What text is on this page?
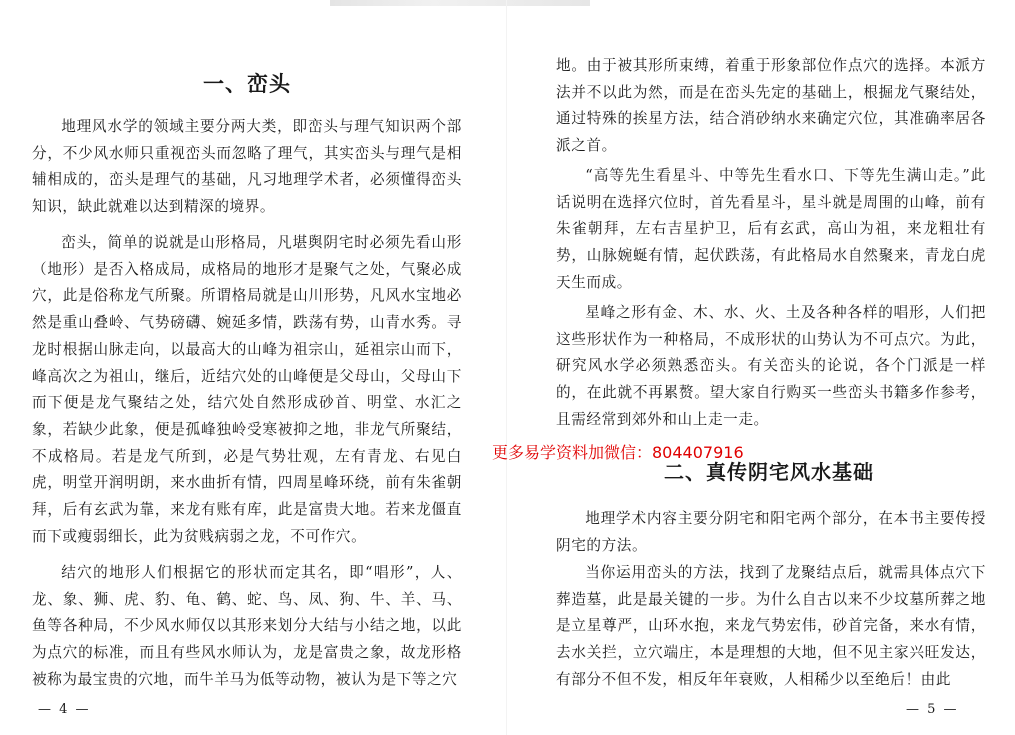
一、峦头

地理风水学的领域主要分两大类，即峦头与理气知识两个部分，不少风水师只重视峦头而忽略了理气，其实峦头与理气是相辅相成的，峦头是理气的基础，凡习地理学术者，必须懂得峦头知识，缺此就难以达到精深的境界。

峦头，简单的说就是山形格局，凡堪舆阴宅时必须先看山形（地形）是否入格成局，成格局的地形才是聚气之处，气聚必成穴，此是俗称龙气所聚。所谓格局就是山川形势，凡风水宝地必然是重山叠岭、气势磅礴、婉延多情，跌荡有势，山青水秀。寻龙时根据山脉走向，以最高大的山峰为祖宗山，延祖宗山而下，峰高次之为祖山，继后，近结穴处的山峰便是父母山，父母山下而下便是龙气聚结之处，结穴处自然形成砂首、明堂、水汇之象，若缺少此象，便是孤峰独岭受寒被抑之地，非龙气所聚结，不成格局。若是龙气所到，必是气势壮观，左有青龙、右见白虎，明堂开润明朗，来水曲折有情，四周星峰环绕，前有朱雀朝拜，后有玄武为靠，来龙有账有库，此是富贵大地。若来龙僵直而下或瘦弱细长，此为贫贱病弱之龙，不可作穴。

结穴的地形人们根据它的形状而定其名，即“唱形”，人、龙、象、狮、虎、豹、龟、鹤、蛇、鸟、凤、狗、牛、羊、马、鱼等各种局，不少风水师仅以其形来划分大结与小结之地，以此为点穴的标准，而且有些风水师认为，龙是富贵之象，故龙形格被称为最宝贵的穴地，而牛羊马为低等动物，被认为是下等之穴

— 4 —

地。由于被其形所束缚，着重于形象部位作点穴的选择。本派方法并不以此为然，而是在峦头先定的基础上，根掘龙气聚结处，通过特殊的挨星方法，结合消砂纳水来确定穴位，其准确率居各派之首。

“高等先生看星斗、中等先生看水口、下等先生满山走。”此话说明在选择穴位时，首先看星斗，星斗就是周围的山峰，前有朱雀朝拜，左右吉星护卫，后有玄武，高山为祖，来龙粗壮有势，山脉婉蜒有情，起伏跌荡，有此格局水自然聚来，青龙白虎天生而成。

星峰之形有金、木、水、火、土及各种各样的唱形，人们把这些形状作为一种格局，不成形状的山势认为不可点穴。为此，研究风水学必须熟悉峦头。有关峦头的论说，各个门派是一样的，在此就不再累赘。望大家自行购买一些峦头书籍多作参考，且需经常到郊外和山上走一走。

二、真传阴宅风水基础

地理学术内容主要分阴宅和阳宅两个部分，在本书主要传授阴宅的方法。

当你运用峦头的方法，找到了龙聚结点后，就需具体点穴下葬造墓，此是最关键的一步。为什么自古以来不少坟墓所葬之地是立星尊严，山环水抱，来龙气势宏伟，砂首完备，来水有情，去水关拦，立穴端庄，本是理想的大地，但不见主家兴旺发达，有部分不但不发，相反年年衰败，人相稀少以至绝后！由此

— 5 —
更多易学资料加微信：804407916
